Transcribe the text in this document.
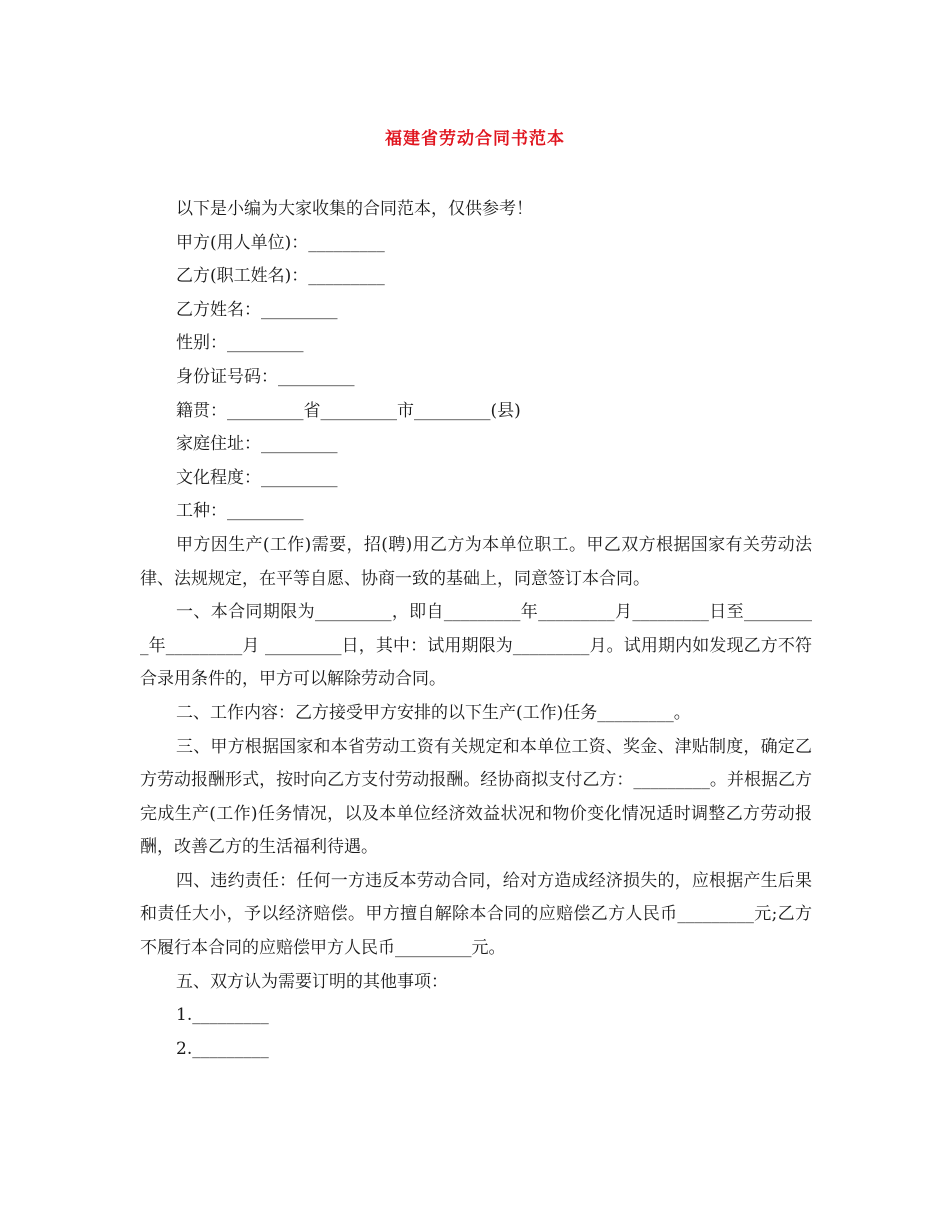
福建省劳动合同书范本

以下是小编为大家收集的合同范本，仅供参考！

甲方(用人单位)：_________

乙方(职工姓名)：_________

乙方姓名：_________

性别：_________

身份证号码：_________

籍贯：_________省_________市_________(县)

家庭住址：_________

文化程度：_________

工种：_________

甲方因生产(工作)需要，招(聘)用乙方为本单位职工。甲乙双方根据国家有关劳动法律、法规规定，在平等自愿、协商一致的基础上，同意签订本合同。

一、本合同期限为_________，即自_________年_________月_________日至_________年_________月 _________日，其中：试用期限为_________月。试用期内如发现乙方不符合录用条件的，甲方可以解除劳动合同。

二、工作内容：乙方接受甲方安排的以下生产(工作)任务_________。

三、甲方根据国家和本省劳动工资有关规定和本单位工资、奖金、津贴制度，确定乙方劳动报酬形式，按时向乙方支付劳动报酬。经协商拟支付乙方：_________。并根据乙方完成生产(工作)任务情况，以及本单位经济效益状况和物价变化情况适时调整乙方劳动报酬，改善乙方的生活福利待遇。

四、违约责任：任何一方违反本劳动合同，给对方造成经济损失的，应根据产生后果和责任大小，予以经济赔偿。甲方擅自解除本合同的应赔偿乙方人民币_________元;乙方不履行本合同的应赔偿甲方人民币_________元。

五、双方认为需要订明的其他事项：

1._________

2._________
